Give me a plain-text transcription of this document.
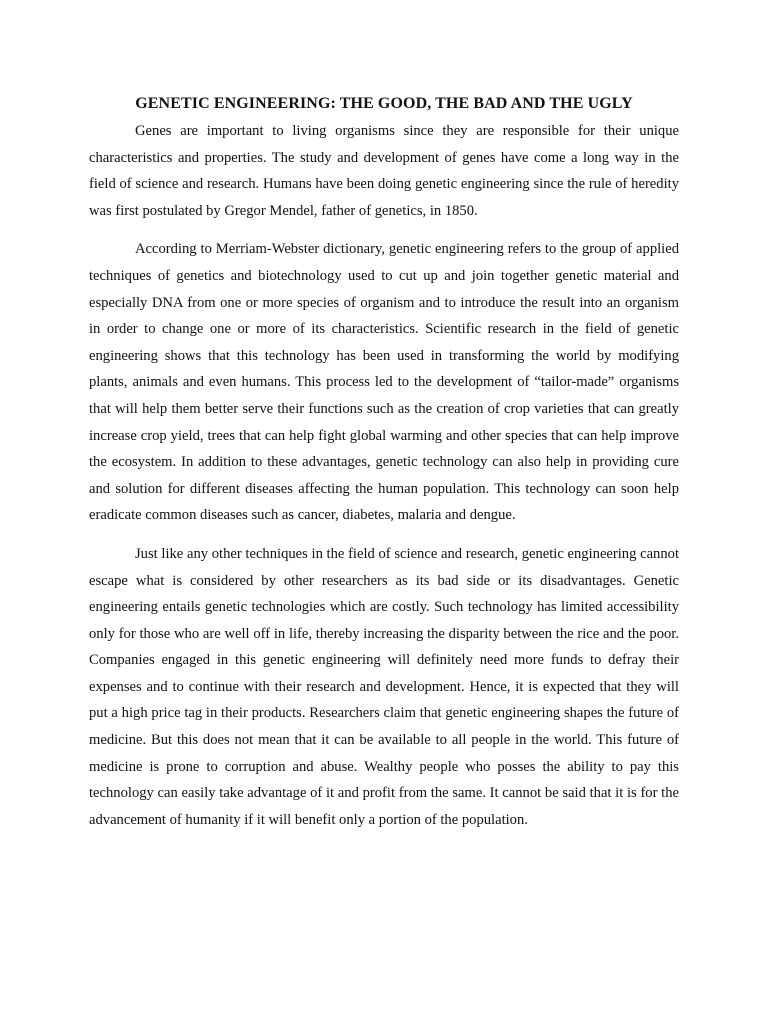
GENETIC ENGINEERING: THE GOOD, THE BAD AND THE UGLY

Genes are important to living organisms since they are responsible for their unique characteristics and properties. The study and development of genes have come a long way in the field of science and research. Humans have been doing genetic engineering since the rule of heredity was first postulated by Gregor Mendel, father of genetics, in 1850.

According to Merriam-Webster dictionary, genetic engineering refers to the group of applied techniques of genetics and biotechnology used to cut up and join together genetic material and especially DNA from one or more species of organism and to introduce the result into an organism in order to change one or more of its characteristics. Scientific research in the field of genetic engineering shows that this technology has been used in transforming the world by modifying plants, animals and even humans. This process led to the development of “tailor-made” organisms that will help them better serve their functions such as the creation of crop varieties that can greatly increase crop yield, trees that can help fight global warming and other species that can help improve the ecosystem. In addition to these advantages, genetic technology can also help in providing cure and solution for different diseases affecting the human population. This technology can soon help eradicate common diseases such as cancer, diabetes, malaria and dengue.

Just like any other techniques in the field of science and research, genetic engineering cannot escape what is considered by other researchers as its bad side or its disadvantages. Genetic engineering entails genetic technologies which are costly. Such technology has limited accessibility only for those who are well off in life, thereby increasing the disparity between the rice and the poor. Companies engaged in this genetic engineering will definitely need more funds to defray their expenses and to continue with their research and development. Hence, it is expected that they will put a high price tag in their products. Researchers claim that genetic engineering shapes the future of medicine. But this does not mean that it can be available to all people in the world. This future of medicine is prone to corruption and abuse. Wealthy people who posses the ability to pay this technology can easily take advantage of it and profit from the same. It cannot be said that it is for the advancement of humanity if it will benefit only a portion of the population.
